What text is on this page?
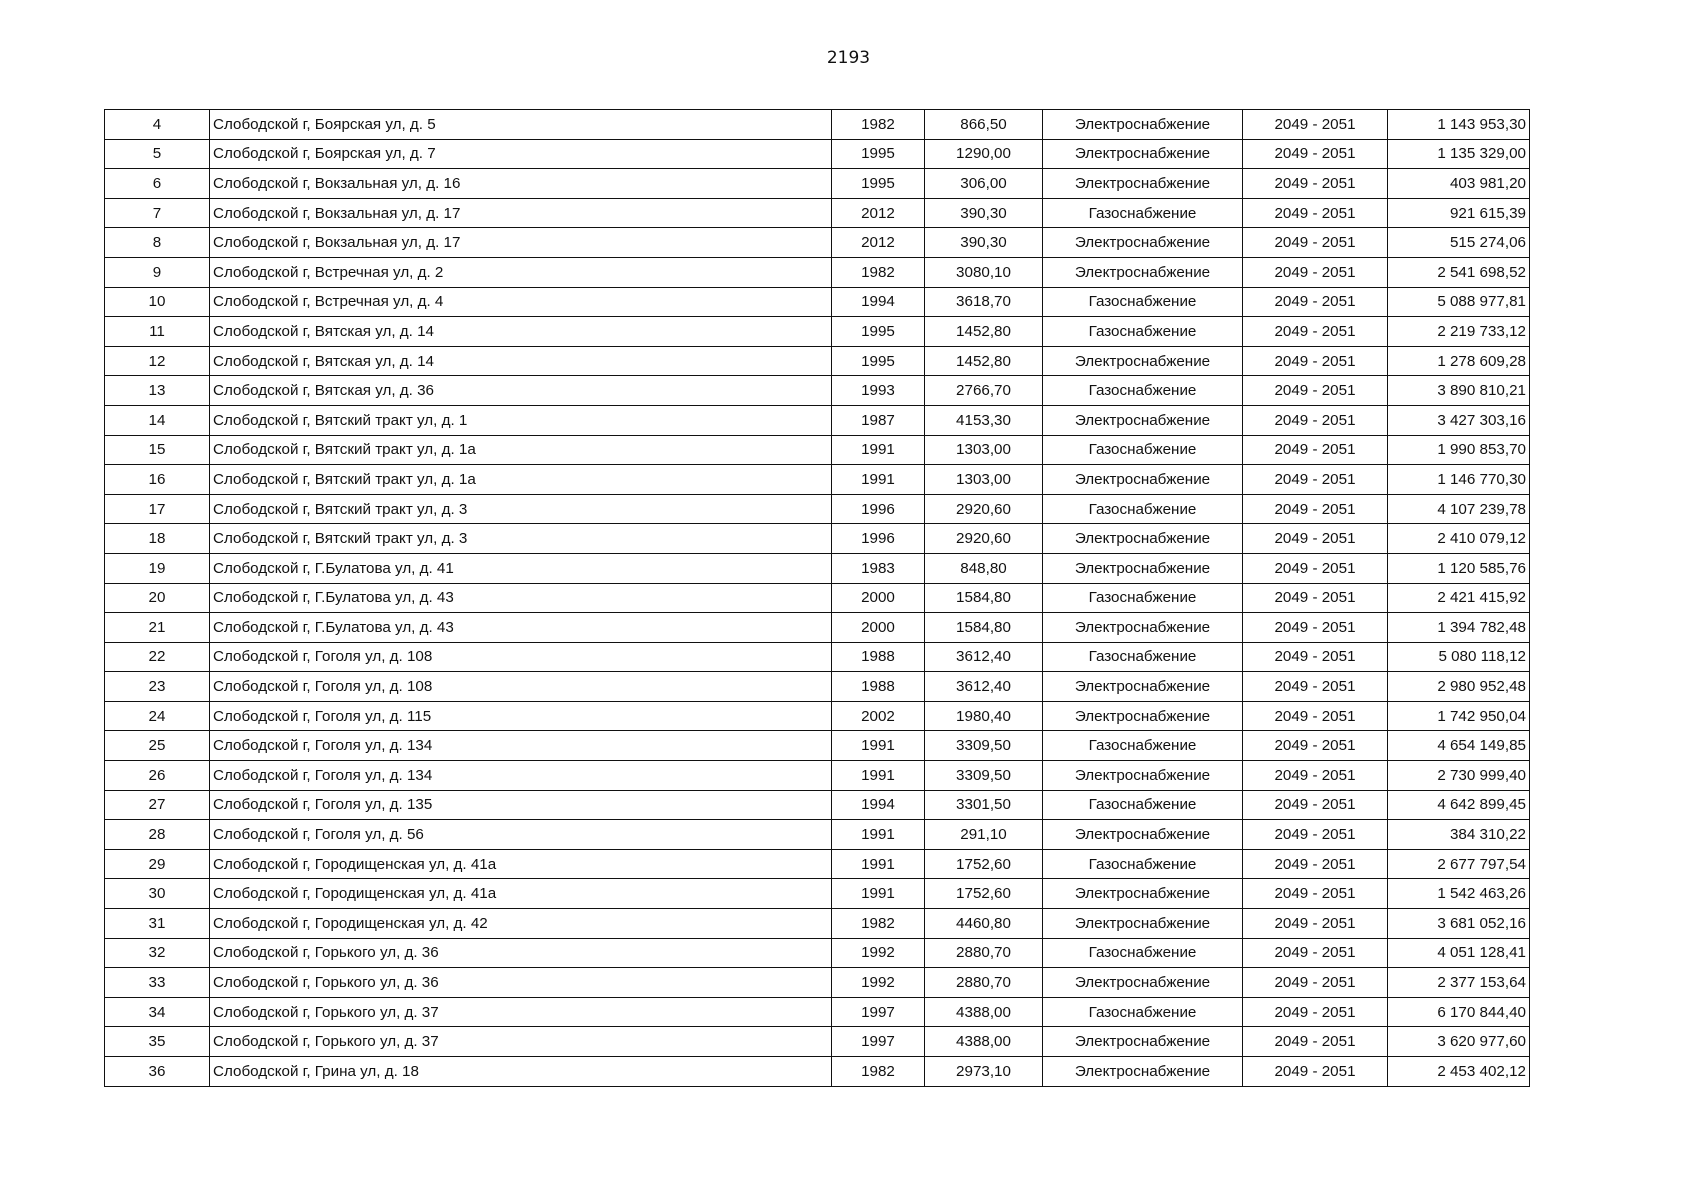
2193
4	Слободской г, Боярская ул, д. 5	1982	866,50	Электроснабжение	2049 - 2051	1 143 953,30
5	Слободской г, Боярская ул, д. 7	1995	1290,00	Электроснабжение	2049 - 2051	1 135 329,00
6	Слободской г, Вокзальная ул, д. 16	1995	306,00	Электроснабжение	2049 - 2051	403 981,20
7	Слободской г, Вокзальная ул, д. 17	2012	390,30	Газоснабжение	2049 - 2051	921 615,39
8	Слободской г, Вокзальная ул, д. 17	2012	390,30	Электроснабжение	2049 - 2051	515 274,06
9	Слободской г, Встречная ул, д. 2	1982	3080,10	Электроснабжение	2049 - 2051	2 541 698,52
10	Слободской г, Встречная ул, д. 4	1994	3618,70	Газоснабжение	2049 - 2051	5 088 977,81
11	Слободской г, Вятская ул, д. 14	1995	1452,80	Газоснабжение	2049 - 2051	2 219 733,12
12	Слободской г, Вятская ул, д. 14	1995	1452,80	Электроснабжение	2049 - 2051	1 278 609,28
13	Слободской г, Вятская ул, д. 36	1993	2766,70	Газоснабжение	2049 - 2051	3 890 810,21
14	Слободской г, Вятский тракт ул, д. 1	1987	4153,30	Электроснабжение	2049 - 2051	3 427 303,16
15	Слободской г, Вятский тракт ул, д. 1а	1991	1303,00	Газоснабжение	2049 - 2051	1 990 853,70
16	Слободской г, Вятский тракт ул, д. 1а	1991	1303,00	Электроснабжение	2049 - 2051	1 146 770,30
17	Слободской г, Вятский тракт ул, д. 3	1996	2920,60	Газоснабжение	2049 - 2051	4 107 239,78
18	Слободской г, Вятский тракт ул, д. 3	1996	2920,60	Электроснабжение	2049 - 2051	2 410 079,12
19	Слободской г, Г.Булатова ул, д. 41	1983	848,80	Электроснабжение	2049 - 2051	1 120 585,76
20	Слободской г, Г.Булатова ул, д. 43	2000	1584,80	Газоснабжение	2049 - 2051	2 421 415,92
21	Слободской г, Г.Булатова ул, д. 43	2000	1584,80	Электроснабжение	2049 - 2051	1 394 782,48
22	Слободской г, Гоголя ул, д. 108	1988	3612,40	Газоснабжение	2049 - 2051	5 080 118,12
23	Слободской г, Гоголя ул, д. 108	1988	3612,40	Электроснабжение	2049 - 2051	2 980 952,48
24	Слободской г, Гоголя ул, д. 115	2002	1980,40	Электроснабжение	2049 - 2051	1 742 950,04
25	Слободской г, Гоголя ул, д. 134	1991	3309,50	Газоснабжение	2049 - 2051	4 654 149,85
26	Слободской г, Гоголя ул, д. 134	1991	3309,50	Электроснабжение	2049 - 2051	2 730 999,40
27	Слободской г, Гоголя ул, д. 135	1994	3301,50	Газоснабжение	2049 - 2051	4 642 899,45
28	Слободской г, Гоголя ул, д. 56	1991	291,10	Электроснабжение	2049 - 2051	384 310,22
29	Слободской г, Городищенская ул, д. 41а	1991	1752,60	Газоснабжение	2049 - 2051	2 677 797,54
30	Слободской г, Городищенская ул, д. 41а	1991	1752,60	Электроснабжение	2049 - 2051	1 542 463,26
31	Слободской г, Городищенская ул, д. 42	1982	4460,80	Электроснабжение	2049 - 2051	3 681 052,16
32	Слободской г, Горького ул, д. 36	1992	2880,70	Газоснабжение	2049 - 2051	4 051 128,41
33	Слободской г, Горького ул, д. 36	1992	2880,70	Электроснабжение	2049 - 2051	2 377 153,64
34	Слободской г, Горького ул, д. 37	1997	4388,00	Газоснабжение	2049 - 2051	6 170 844,40
35	Слободской г, Горького ул, д. 37	1997	4388,00	Электроснабжение	2049 - 2051	3 620 977,60
36	Слободской г, Грина ул, д. 18	1982	2973,10	Электроснабжение	2049 - 2051	2 453 402,12
